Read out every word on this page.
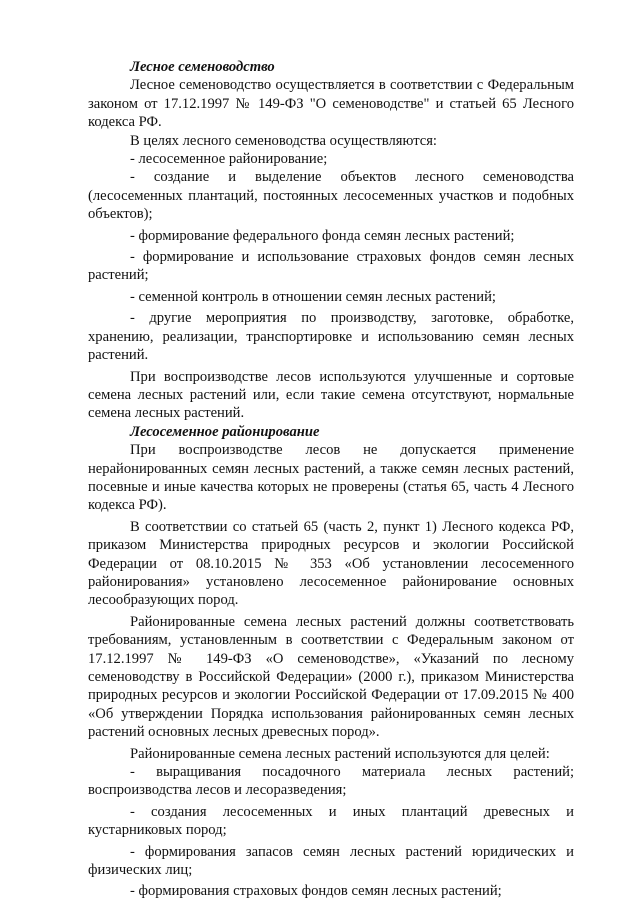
Лесное семеноводство

Лесное семеноводство осуществляется в соответствии с Федеральным законом от 17.12.1997 № 149-ФЗ "О семеноводстве" и статьей 65 Лесного кодекса РФ.

В целях лесного семеноводства осуществляются:

- лесосеменное районирование;

- создание и выделение объектов лесного семеноводства (лесосеменных плантаций, постоянных лесосеменных участков и подобных объектов);

- формирование федерального фонда семян лесных растений;

- формирование и использование страховых фондов семян лесных растений;

- семенной контроль в отношении семян лесных растений;

- другие мероприятия по производству, заготовке, обработке, хранению, реализации, транспортировке и использованию семян лесных растений.

При воспроизводстве лесов используются улучшенные и сортовые семена лесных растений или, если такие семена отсутствуют, нормальные семена лесных растений.

Лесосеменное районирование

При воспроизводстве лесов не допускается применение нерайонированных семян лесных растений, а также семян лесных растений, посевные и иные качества которых не проверены (статья 65, часть 4 Лесного кодекса РФ).

В соответствии со статьей 65 (часть 2, пункт 1) Лесного кодекса РФ, приказом Министерства природных ресурсов и экологии Российской Федерации от 08.10.2015 № 353 «Об установлении лесосеменного районирования» установлено лесосеменное районирование основных лесообразующих пород.

Районированные семена лесных растений должны соответствовать требованиям, установленным в соответствии с Федеральным законом от 17.12.1997 № 149-ФЗ «О семеноводстве», «Указаний по лесному семеноводству в Российской Федерации» (2000 г.), приказом Министерства природных ресурсов и экологии Российской Федерации от 17.09.2015 № 400 «Об утверждении Порядка использования районированных семян лесных растений основных лесных древесных пород».

Районированные семена лесных растений используются для целей:

- выращивания посадочного материала лесных растений; воспроизводства лесов и лесоразведения;

- создания лесосеменных и иных плантаций древесных и кустарниковых пород;

- формирования запасов семян лесных растений юридических и физических лиц;

- формирования страховых фондов семян лесных растений;
